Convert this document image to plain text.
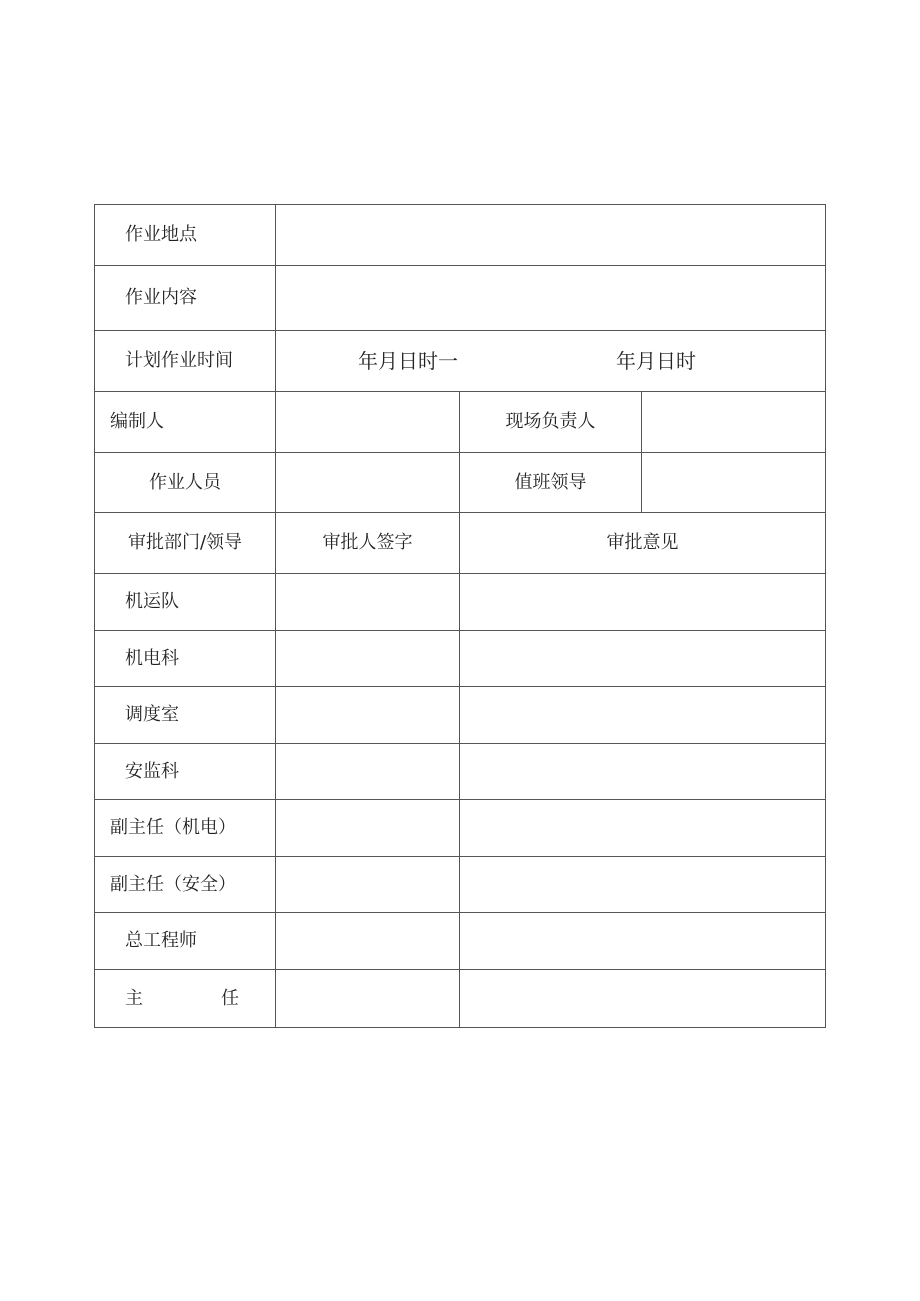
作业地点			
作业内容			
计划作业时间	年月日时一 年月日时		

编制人		现场负责人	
作业人员		值班领导	
审批部门/领导	审批人签字	审批意见	
机运队			
机电科			
调度室			
安监科			
副主任（机电）			
副主任（安全）			
总工程师			

主 任			
